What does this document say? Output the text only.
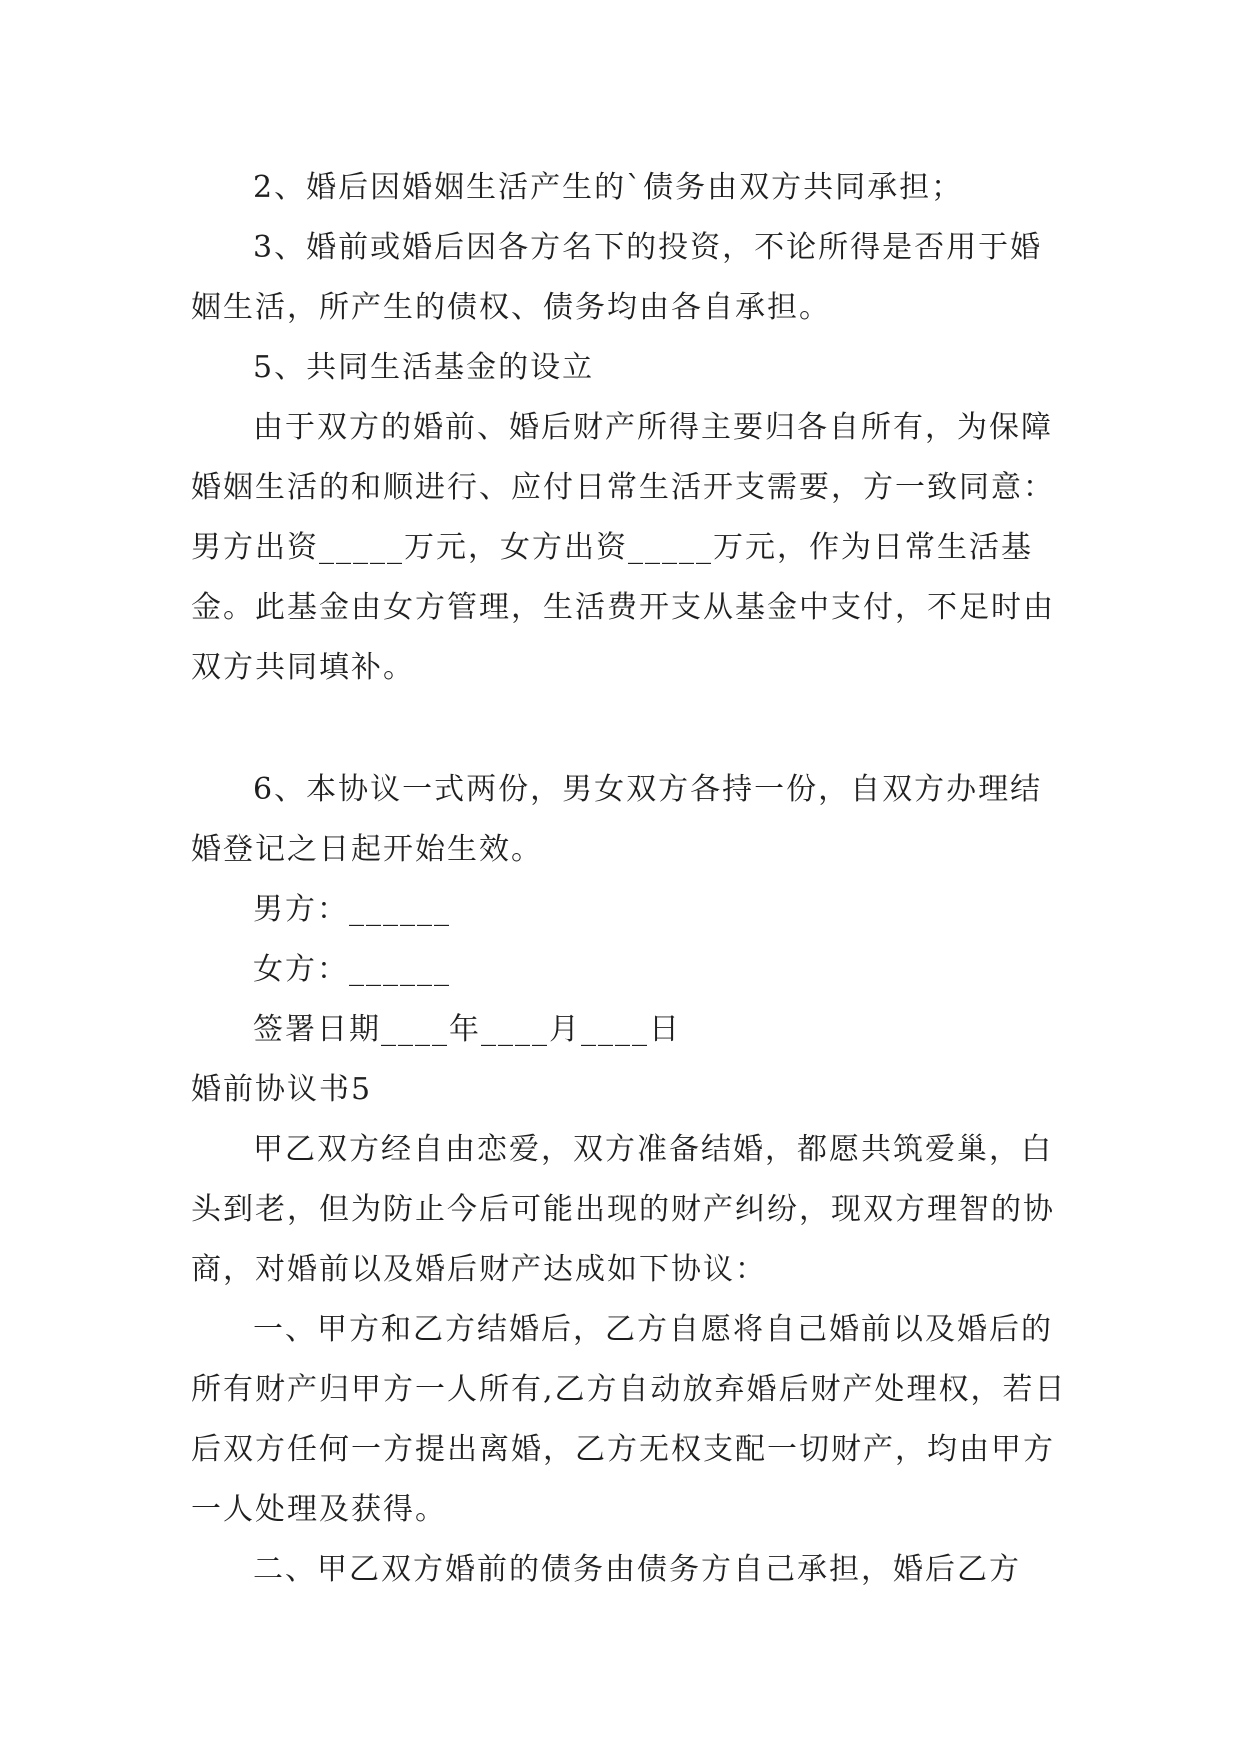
2、婚后因婚姻生活产生的`债务由双方共同承担；

3、婚前或婚后因各方名下的投资，不论所得是否用于婚姻生活，所产生的债权、债务均由各自承担。

5、共同生活基金的设立

由于双方的婚前、婚后财产所得主要归各自所有，为保障婚姻生活的和顺进行、应付日常生活开支需要，方一致同意：男方出资_____万元，女方出资_____万元，作为日常生活基金。此基金由女方管理，生活费开支从基金中支付，不足时由双方共同填补。

6、本协议一式两份，男女双方各持一份，自双方办理结婚登记之日起开始生效。

男方：______

女方：______

签署日期____年____月____日

婚前协议书5

甲乙双方经自由恋爱，双方准备结婚，都愿共筑爱巢，白头到老，但为防止今后可能出现的财产纠纷，现双方理智的协商，对婚前以及婚后财产达成如下协议：

一、甲方和乙方结婚后，乙方自愿将自己婚前以及婚后的所有财产归甲方一人所有,乙方自动放弃婚后财产处理权，若日后双方任何一方提出离婚，乙方无权支配一切财产，均由甲方一人处理及获得。

二、甲乙双方婚前的债务由债务方自己承担，婚后乙方
